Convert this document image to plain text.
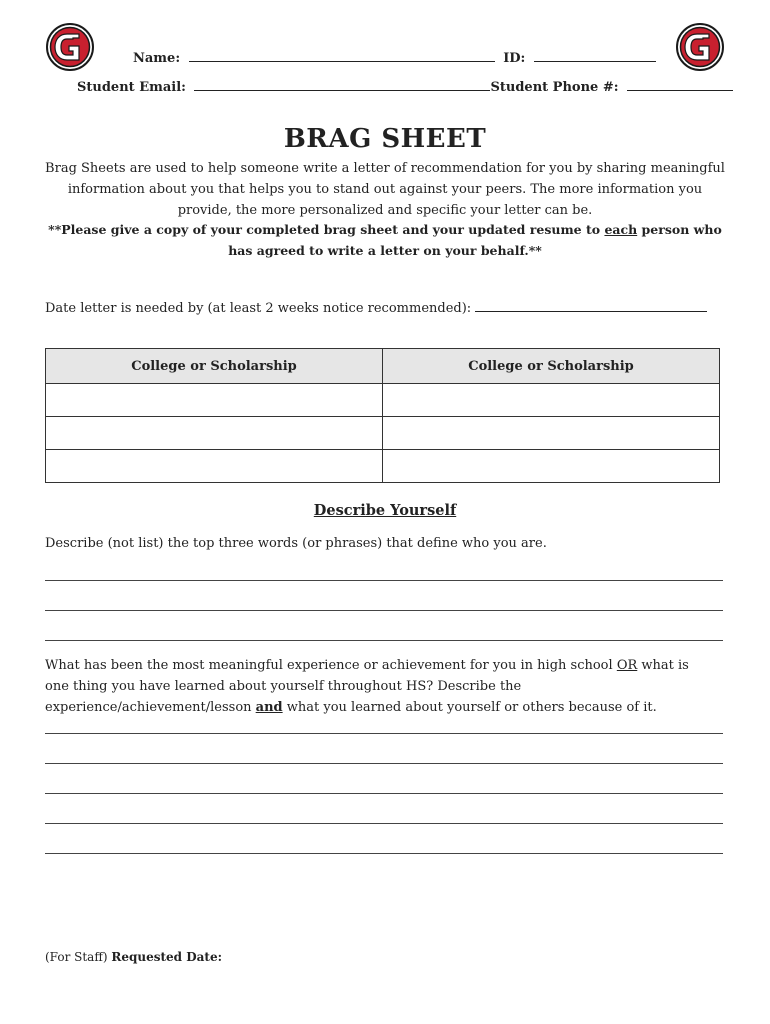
Name:	ID:
Student Email:	Student Phone #:
BRAG SHEET

Brag Sheets are used to help someone write a letter of recommendation for you by sharing meaningful information about you that helps you to stand out against your peers. The more information you provide, the more personalized and specific your letter can be.

**Please give a copy of your completed brag sheet and your updated resume to each person who has agreed to write a letter on your behalf.**

Date letter is needed by (at least 2 weeks notice recommended):
College or Scholarship	College or Scholarship

Describe Yourself
Describe (not list) the top three words (or phrases) that define who you are.

What has been the most meaningful experience or achievement for you in high school OR what is one thing you have learned about yourself throughout HS? Describe the experience/achievement/lesson and what you learned about yourself or others because of it.

(For Staff) Requested Date:
